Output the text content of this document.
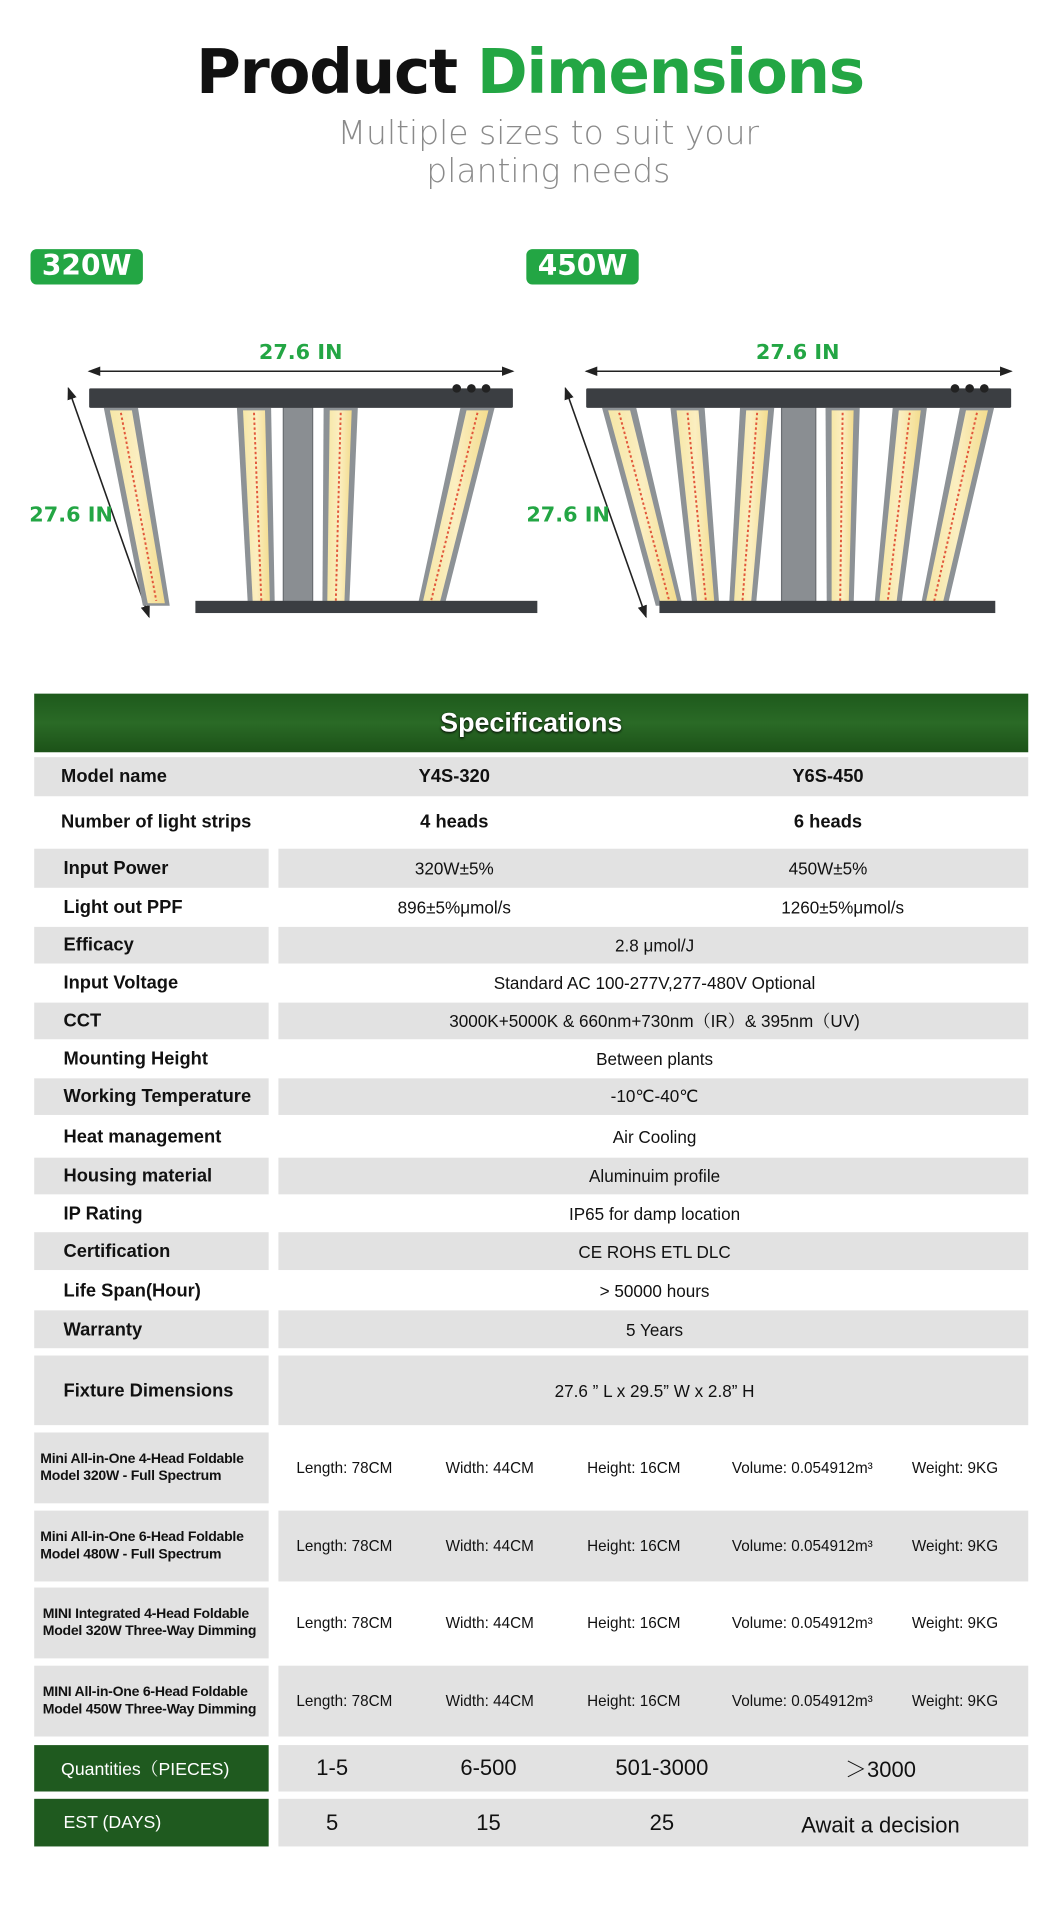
Product Dimensions
Multiple sizes to suit your
planting needs
320W	450W
27.6 IN
27.6 IN
27.6 IN
27.6 IN
Specifications
Model name	Y4S-320	Y6S-450
Number of light strips	4 heads	6 heads
Input Power	320W±5%	450W±5%
Light out PPF	896±5%μmol/s	1260±5%μmol/s
Efficacy	2.8 μmol/J
Input Voltage	Standard AC 100-277V,277-480V Optional
CCT	3000K+5000K & 660nm+730nm（IR）& 395nm（UV)
Mounting Height	Between plants
Working Temperature	-10℃-40℃
Heat management	Air Cooling
Housing material	Aluminuim profile
IP Rating	IP65 for damp location
Certification	CE ROHS ETL DLC
Life Span(Hour)	> 50000 hours
Warranty	5 Years
Fixture Dimensions	27.6 ” L x 29.5” W x 2.8” H
Mini All-in-One 4-Head Foldable
Model 320W - Full Spectrum	Length: 78CM	Width: 44CM	Height: 16CM	Volume: 0.054912m³	Weight: 9KG
Mini All-in-One 6-Head Foldable
Model 480W - Full Spectrum	Length: 78CM	Width: 44CM	Height: 16CM	Volume: 0.054912m³	Weight: 9KG
MINI Integrated 4-Head Foldable
Model 320W Three-Way Dimming	Length: 78CM	Width: 44CM	Height: 16CM	Volume: 0.054912m³	Weight: 9KG
MINI All-in-One 6-Head Foldable
Model 450W Three-Way Dimming
Length: 78CM	Width: 44CM	Height: 16CM	Volume: 0.054912m³	Weight: 9KG
Quantities（PIECES)	1-5	6-500	501-3000	＞3000
EST (DAYS)	5	15	25	Await a decision
